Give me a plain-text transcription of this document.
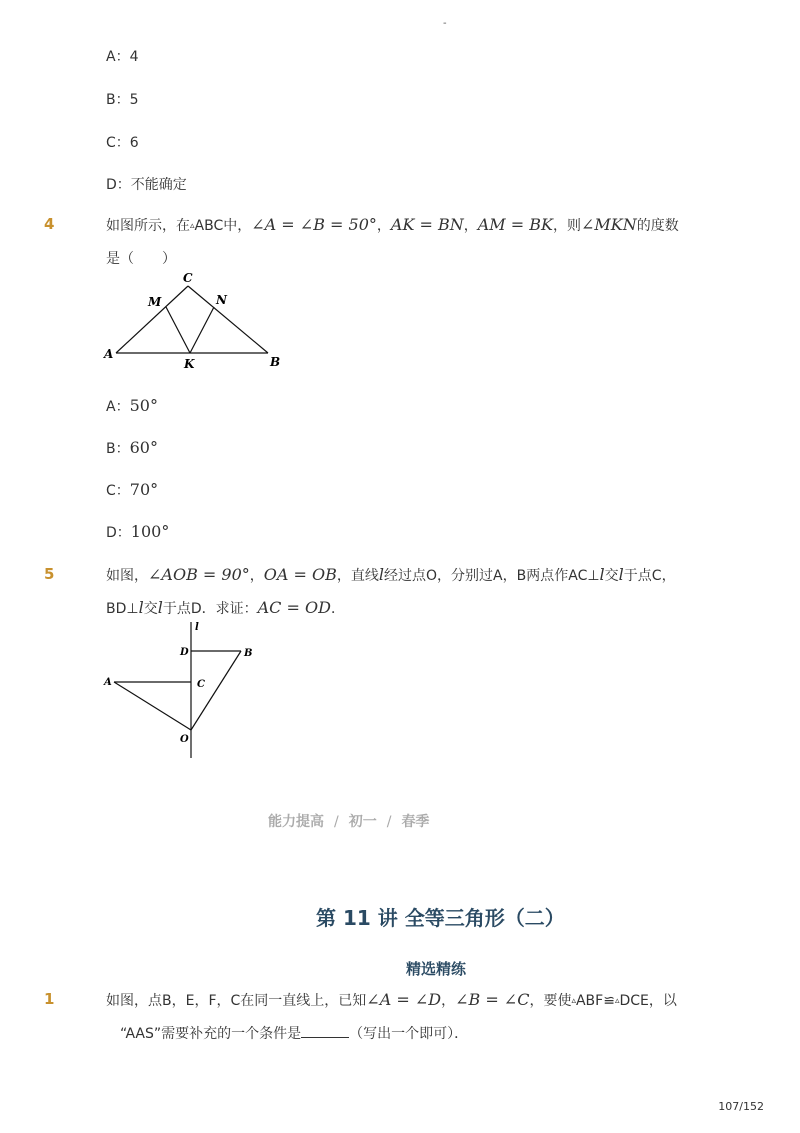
-
A：4
B：5
C：6
D：不能确定
4	如图所示，在▵ABC中，∠A = ∠B = 50°，AK = BN，AM = BK，则∠MKN的度数
是（　　）
C
M	N
A
K	B
A：50°
B：60°
C：70°
D：100°
5	如图，∠AOB = 90°，OA = OB，直线l经过点O，分别过A，B两点作AC⊥l交l于点C，
BD⊥l交l于点D．求证：AC = OD．
l
D	B
A	C
O
能力提高 / 初一 / 春季
第 11 讲 全等三角形（二）
精选精练
1	如图，点B，E，F，C在同一直线上，已知∠A = ∠D，∠B = ∠C，要使▵ABF≌▵DCE，以
“AAS”需要补充的一个条件是	（写出一个即可）．
107/152
